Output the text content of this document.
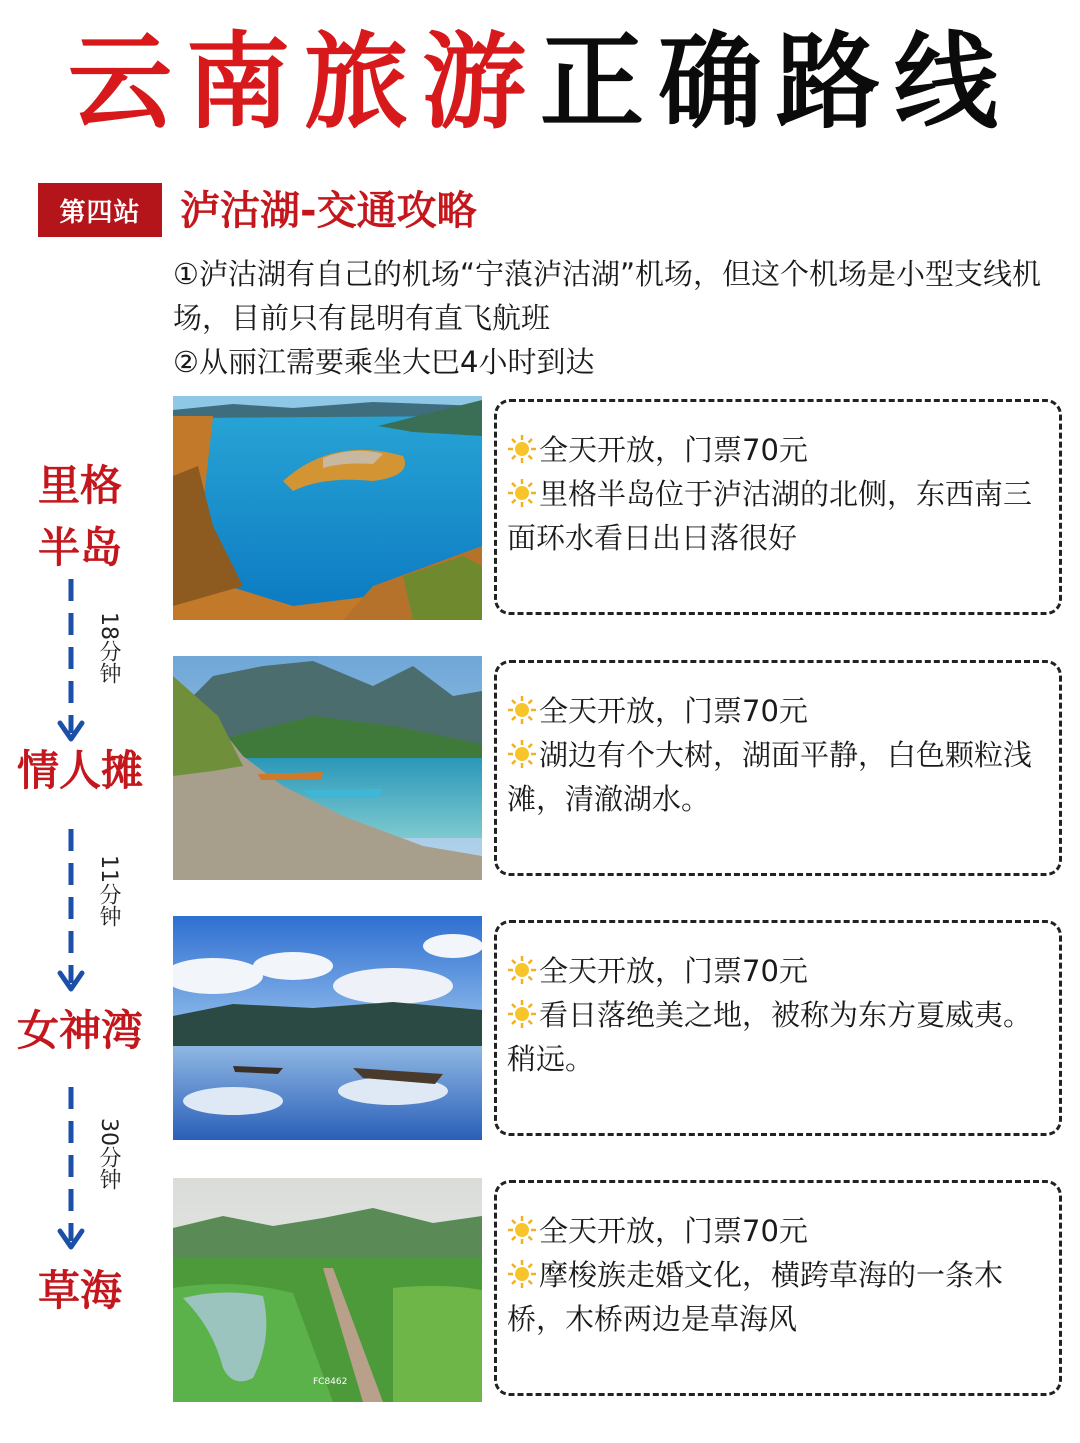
云南旅游正确路线
第四站 泸沽湖-交通攻略

①泸沽湖有自己的机场“宁蒗泸沽湖”机场，但这个机场是小型支线机场，目前只有昆明有直飞航班

②从丽江需要乘坐大巴4小时到达

里格
半岛
情人摊
女神湾
草海
18分钟
11分钟
30分钟
FC8462
全天开放，门票70元
里格半岛位于泸沽湖的北侧，东西南三面环水看日出日落很好
全天开放，门票70元
湖边有个大树，湖面平静，白色颗粒浅滩，清澈湖水。
全天开放，门票70元
看日落绝美之地，被称为东方夏威夷。稍远。
全天开放，门票70元
摩梭族走婚文化，横跨草海的一条木桥，木桥两边是草海风
